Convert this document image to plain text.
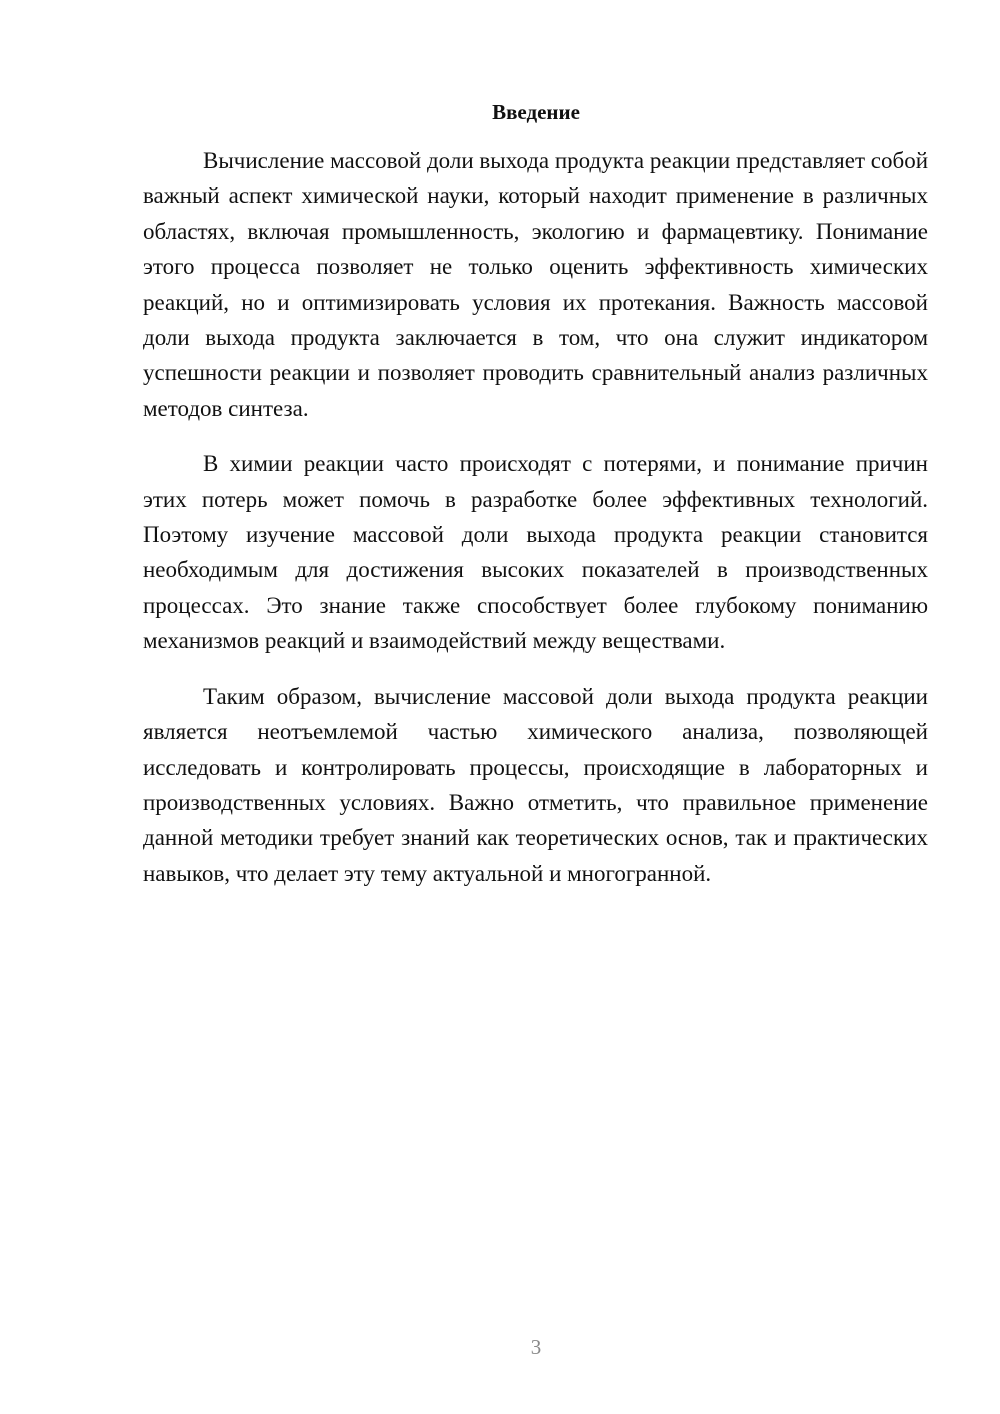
Введение

Вычисление массовой доли выхода продукта реакции представляет собой важный аспект химической науки, который находит применение в различных областях, включая промышленность, экологию и фармацевтику. Понимание этого процесса позволяет не только оценить эффективность химических реакций, но и оптимизировать условия их протекания. Важность массовой доли выхода продукта заключается в том, что она служит индикатором успешности реакции и позволяет проводить сравнительный анализ различных методов синтеза.

В химии реакции часто происходят с потерями, и понимание причин этих потерь может помочь в разработке более эффективных технологий. Поэтому изучение массовой доли выхода продукта реакции становится необходимым для достижения высоких показателей в производственных процессах. Это знание также способствует более глубокому пониманию механизмов реакций и взаимодействий между веществами.

Таким образом, вычисление массовой доли выхода продукта реакции является неотъемлемой частью химического анализа, позволяющей исследовать и контролировать процессы, происходящие в лабораторных и производственных условиях. Важно отметить, что правильное применение данной методики требует знаний как теоретических основ, так и практических навыков, что делает эту тему актуальной и многогранной.

3
